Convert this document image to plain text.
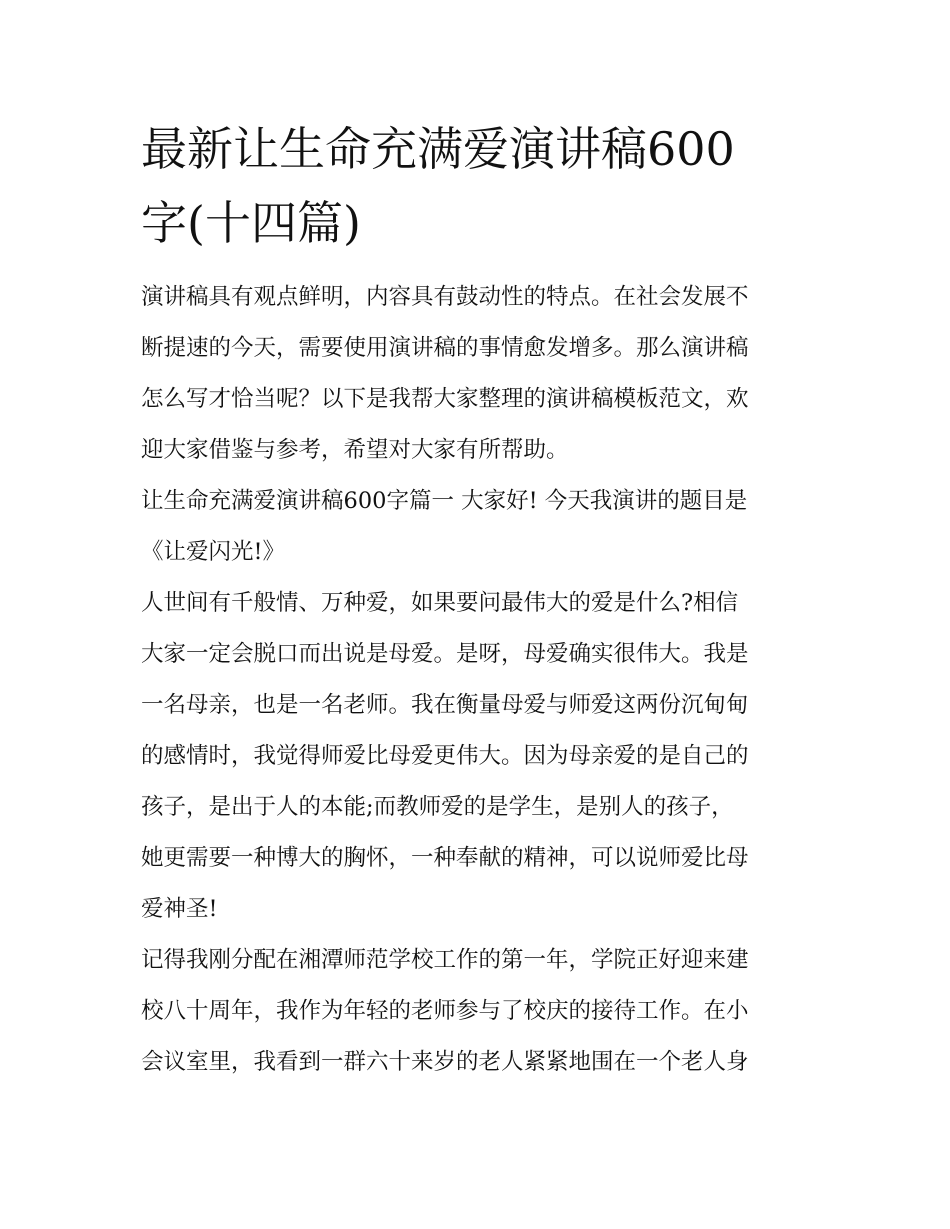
最新让生命充满爱演讲稿600
字(十四篇)

演讲稿具有观点鲜明，内容具有鼓动性的特点。在社会发展不
断提速的今天，需要使用演讲稿的事情愈发增多。那么演讲稿
怎么写才恰当呢？以下是我帮大家整理的演讲稿模板范文，欢
迎大家借鉴与参考，希望对大家有所帮助。

让生命充满爱演讲稿600字篇一 大家好! 今天我演讲的题目是
《让爱闪光!》

人世间有千般情、万种爱，如果要问最伟大的爱是什么?相信
大家一定会脱口而出说是母爱。是呀，母爱确实很伟大。我是
一名母亲，也是一名老师。我在衡量母爱与师爱这两份沉甸甸
的感情时，我觉得师爱比母爱更伟大。因为母亲爱的是自己的
孩子，是出于人的本能;而教师爱的是学生，是别人的孩子，
她更需要一种博大的胸怀，一种奉献的精神，可以说师爱比母
爱神圣!

记得我刚分配在湘潭师范学校工作的第一年，学院正好迎来建
校八十周年，我作为年轻的老师参与了校庆的接待工作。在小
会议室里，我看到一群六十来岁的老人紧紧地围在一个老人身
